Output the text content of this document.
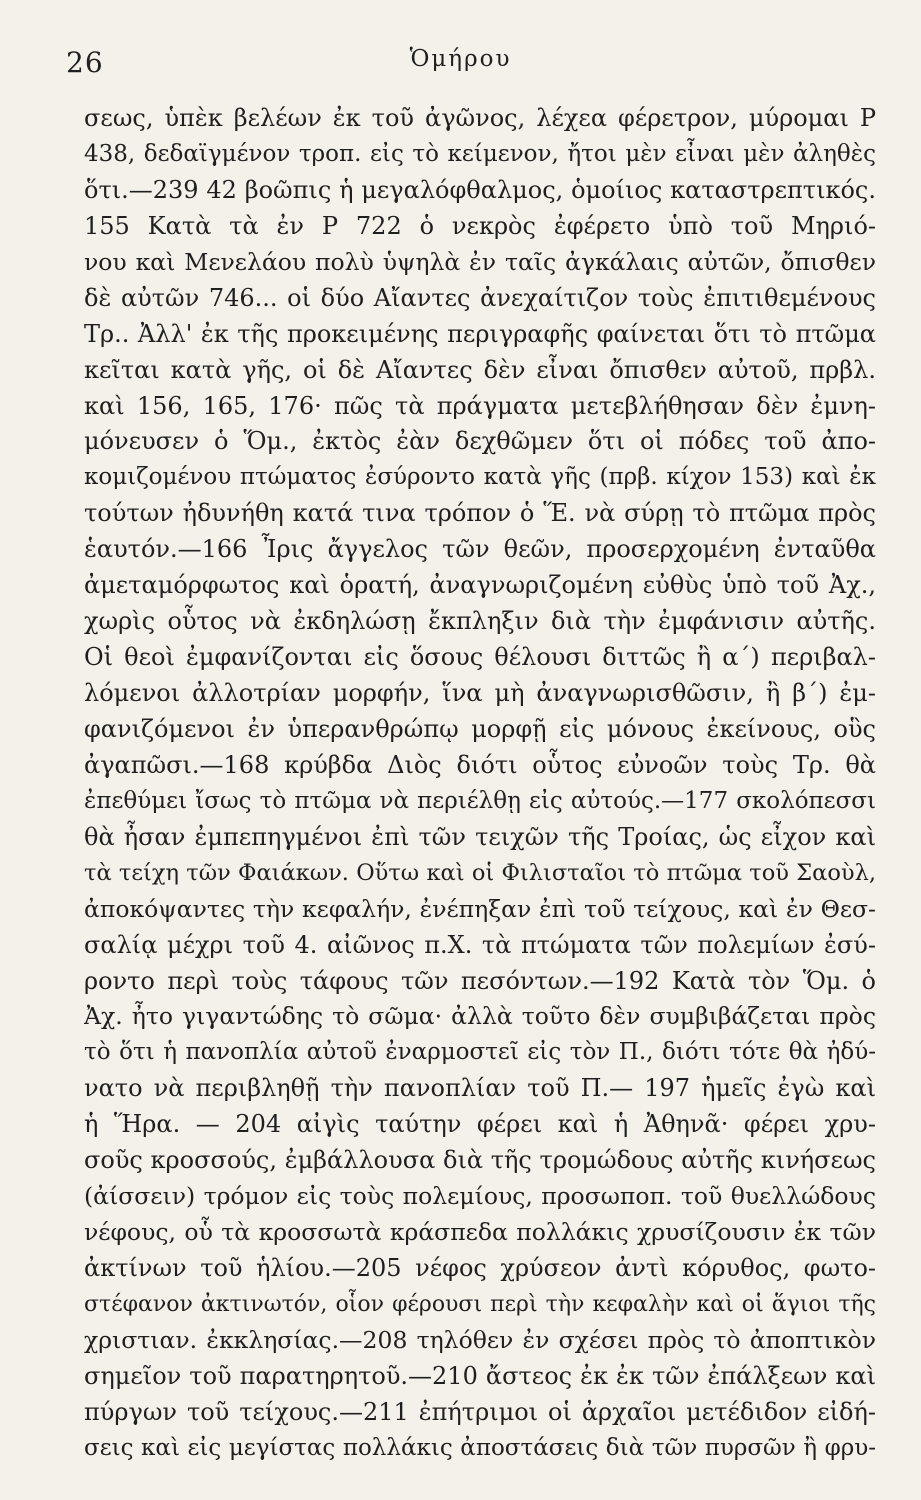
26	Ὁμήρου
σεως, ὑπὲκ βελέων ἐκ τοῦ ἀγῶνος, λέχεα φέρετρον, μύρομαι Ρ
438, δεδαϊγμένον τροπ. εἰς τὸ κείμενον, ἤτοι μὲν εἶναι μὲν ἀληθὲς
ὅτι.—239 42 βοῶπις ἡ μεγαλόφθαλμος, ὁμοίιος καταστρεπτικός.
155 Κατὰ τὰ ἐν Ρ 722 ὁ νεκρὸς ἐφέρετο ὑπὸ τοῦ Μηριό-
νου καὶ Μενελάου πολὺ ὑψηλὰ ἐν ταῖς ἀγκάλαις αὐτῶν, ὄπισθεν
δὲ αὐτῶν 746... οἱ δύο Αἴαντες ἀνεχαίτιζον τοὺς ἐπιτιθεμένους
Τρ.. Ἀλλ' ἐκ τῆς προκειμένης περιγραφῆς φαίνεται ὅτι τὸ πτῶμα
κεῖται κατὰ γῆς, οἱ δὲ Αἴαντες δὲν εἶναι ὄπισθεν αὐτοῦ, πρβλ.
καὶ 156, 165, 176· πῶς τὰ πράγματα μετεβλήθησαν δὲν ἐμνη-
μόνευσεν ὁ Ὅμ., ἐκτὸς ἐὰν δεχθῶμεν ὅτι οἱ πόδες τοῦ ἀπο-
κομιζομένου πτώματος ἐσύροντο κατὰ γῆς (πρβ. κίχον 153) καὶ ἐκ
τούτων ἠδυνήθη κατά τινα τρόπον ὁ Ἕ. νὰ σύρῃ τὸ πτῶμα πρὸς
ἑαυτόν.—166 Ἶρις ἄγγελος τῶν θεῶν, προσερχομένη ἐνταῦθα
ἀμεταμόρφωτος καὶ ὁρατή, ἀναγνωριζομένη εὐθὺς ὑπὸ τοῦ Ἀχ.,
χωρὶς οὗτος νὰ ἐκδηλώσῃ ἔκπληξιν διὰ τὴν ἐμφάνισιν αὐτῆς.
Οἱ θεοὶ ἐμφανίζονται εἰς ὅσους θέλουσι διττῶς ἢ α΄) περιβαλ-
λόμενοι ἀλλοτρίαν μορφήν, ἵνα μὴ ἀναγνωρισθῶσιν, ἢ β΄) ἐμ-
φανιζόμενοι ἐν ὑπερανθρώπῳ μορφῇ εἰς μόνους ἐκείνους, οὓς
ἀγαπῶσι.—168 κρύβδα Διὸς διότι οὗτος εὐνοῶν τοὺς Τρ. θὰ
ἐπεθύμει ἴσως τὸ πτῶμα νὰ περιέλθῃ εἰς αὐτούς.—177 σκολόπεσσι
θὰ ἦσαν ἐμπεπηγμένοι ἐπὶ τῶν τειχῶν τῆς Τροίας, ὡς εἶχον καὶ
τὰ τείχη τῶν Φαιάκων. Οὕτω καὶ οἱ Φιλισταῖοι τὸ πτῶμα τοῦ Σαοὺλ,
ἀποκόψαντες τὴν κεφαλήν, ἐνέπηξαν ἐπὶ τοῦ τείχους, καὶ ἐν Θεσ-
σαλίᾳ μέχρι τοῦ 4. αἰῶνος π.Χ. τὰ πτώματα τῶν πολεμίων ἐσύ-
ροντο περὶ τοὺς τάφους τῶν πεσόντων.—192 Κατὰ τὸν Ὅμ. ὁ
Ἀχ. ἦτο γιγαντώδης τὸ σῶμα· ἀλλὰ τοῦτο δὲν συμβιβάζεται πρὸς
τὸ ὅτι ἡ πανοπλία αὐτοῦ ἐναρμοστεῖ εἰς τὸν Π., διότι τότε θὰ ἠδύ-
νατο νὰ περιβληθῇ τὴν πανοπλίαν τοῦ Π.— 197 ἡμεῖς ἐγὼ καὶ
ἡ Ἥρα. — 204 αἰγὶς ταύτην φέρει καὶ ἡ Ἀθηνᾶ· φέρει χρυ-
σοῦς κροσσούς, ἐμβάλλουσα διὰ τῆς τρομώδους αὐτῆς κινήσεως
(ἀίσσειν) τρόμον εἰς τοὺς πολεμίους, προσωποπ. τοῦ θυελλώδους
νέφους, οὗ τὰ κροσσωτὰ κράσπεδα πολλάκις χρυσίζουσιν ἐκ τῶν
ἀκτίνων τοῦ ἡλίου.—205 νέφος χρύσεον ἀντὶ κόρυθος, φωτο-
στέφανον ἀκτινωτόν, οἷον φέρουσι περὶ τὴν κεφαλὴν καὶ οἱ ἅγιοι τῆς
χριστιαν. ἐκκλησίας.—208 τηλόθεν ἐν σχέσει πρὸς τὸ ἀποπτικὸν
σημεῖον τοῦ παρατηρητοῦ.—210 ἄστεος ἐκ ἐκ τῶν ἐπάλξεων καὶ
πύργων τοῦ τείχους.—211 ἐπήτριμοι οἱ ἀρχαῖοι μετέδιδον εἰδή-
σεις καὶ εἰς μεγίστας πολλάκις ἀποστάσεις διὰ τῶν πυρσῶν ἢ φρυ-
